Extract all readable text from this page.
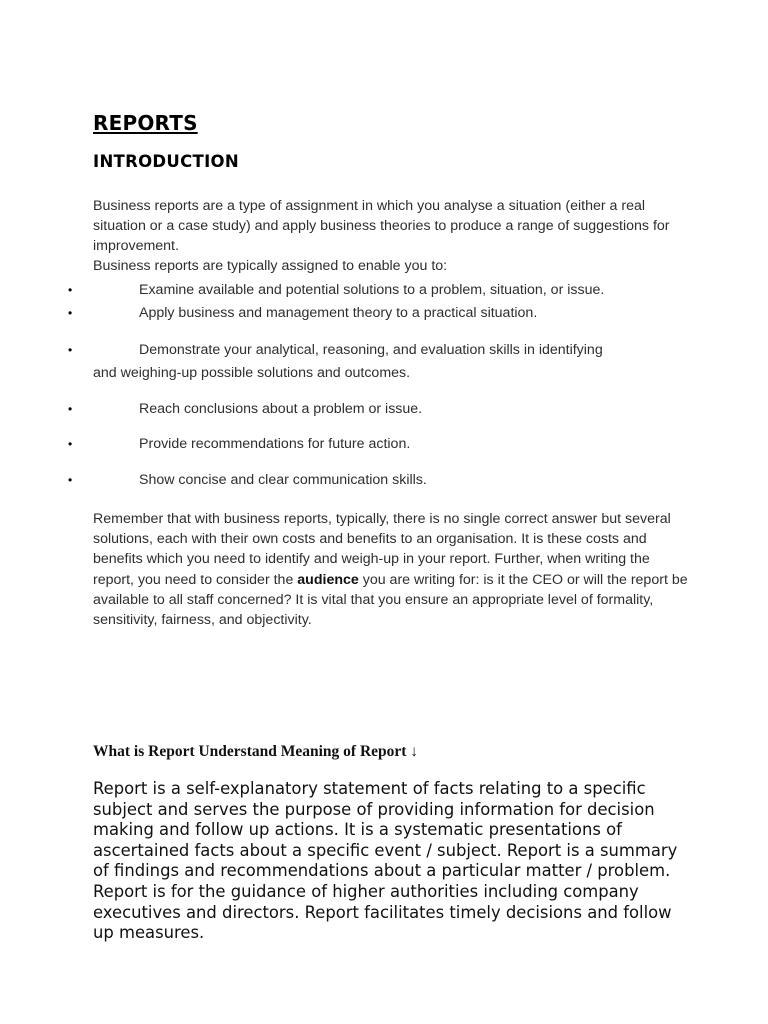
REPORTS
INTRODUCTION

Business reports are a type of assignment in which you analyse a situation (either a real situation or a case study) and apply business theories to produce a range of suggestions for improvement.

Business reports are typically assigned to enable you to:

•	Examine available and potential solutions to a problem, situation, or issue.
•	Apply business and management theory to a practical situation.
•	Demonstrate your analytical, reasoning, and evaluation skills in identifying
and weighing-up possible solutions and outcomes.
•	Reach conclusions about a problem or issue.
•	Provide recommendations for future action.
•	Show concise and clear communication skills.

Remember that with business reports, typically, there is no single correct answer but several solutions, each with their own costs and benefits to an organisation. It is these costs and benefits which you need to identify and weigh-up in your report. Further, when writing the report, you need to consider the audience you are writing for: is it the CEO or will the report be available to all staff concerned? It is vital that you ensure an appropriate level of formality, sensitivity, fairness, and objectivity.

What is Report Understand Meaning of Report ↓

Report is a self-explanatory statement of facts relating to a specific subject and serves the purpose of providing information for decision making and follow up actions. It is a systematic presentations of ascertained facts about a specific event / subject. Report is a summary of findings and recommendations about a particular matter / problem. Report is for the guidance of higher authorities including company executives and directors. Report facilitates timely decisions and follow up measures.
